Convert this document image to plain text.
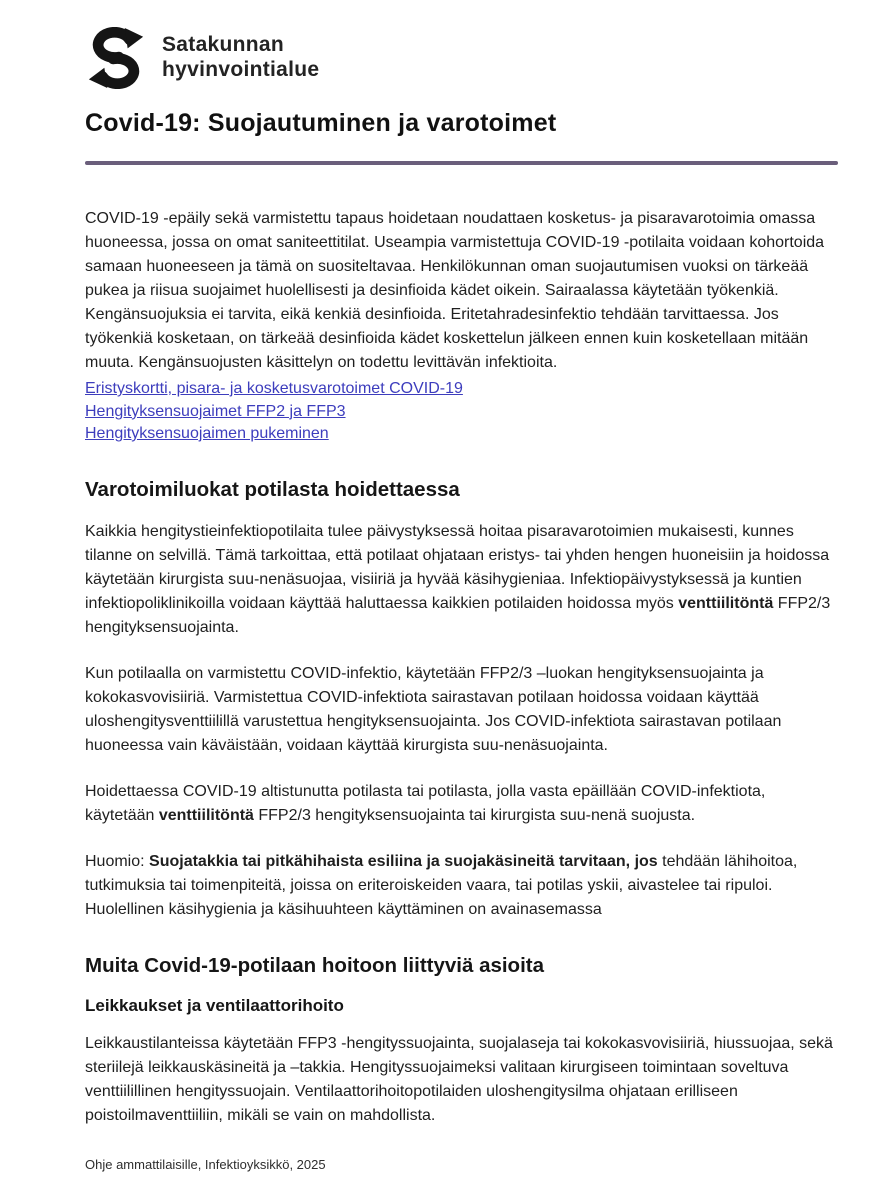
Satakunnan
hyvinvointialue
Covid-19: Suojautuminen ja varotoimet

COVID-19 -epäily sekä varmistettu tapaus hoidetaan noudattaen kosketus- ja pisaravarotoimia omassa huoneessa, jossa on omat saniteettitilat. Useampia varmistettuja COVID-19 -potilaita voidaan kohortoida samaan huoneeseen ja tämä on suositeltavaa. Henkilökunnan oman suojautumisen vuoksi on tärkeää pukea ja riisua suojaimet huolellisesti ja desinfioida kädet oikein. Sairaalassa käytetään työkenkiä. Kengänsuojuksia ei tarvita, eikä kenkiä desinfioida. Eritetahradesinfektio tehdään tarvittaessa. Jos työkenkiä kosketaan, on tärkeää desinfioida kädet koskettelun jälkeen ennen kuin kosketellaan mitään muuta. Kengänsuojusten käsittelyn on todettu levittävän infektioita.

Eristyskortti, pisara- ja kosketusvarotoimet COVID-19
Hengityksensuojaimet FFP2 ja FFP3
Hengityksensuojaimen pukeminen
Varotoimiluokat potilasta hoidettaessa

Kaikkia hengitystieinfektiopotilaita tulee päivystyksessä hoitaa pisaravarotoimien mukaisesti, kunnes tilanne on selvillä. Tämä tarkoittaa, että potilaat ohjataan eristys- tai yhden hengen huoneisiin ja hoidossa käytetään kirurgista suu-nenäsuojaa, visiiriä ja hyvää käsihygieniaa. Infektiopäivystyksessä ja kuntien infektiopoliklinikoilla voidaan käyttää haluttaessa kaikkien potilaiden hoidossa myös venttiilitöntä FFP2/3 hengityksensuojainta.

Kun potilaalla on varmistettu COVID-infektio, käytetään FFP2/3 –luokan hengityksensuojainta ja kokokasvovisiiriä. Varmistettua COVID-infektiota sairastavan potilaan hoidossa voidaan käyttää uloshengitysventtiilillä varustettua hengityksensuojainta. Jos COVID-infektiota sairastavan potilaan huoneessa vain käväistään, voidaan käyttää kirurgista suu-nenäsuojainta.

Hoidettaessa COVID-19 altistunutta potilasta tai potilasta, jolla vasta epäillään COVID-infektiota, käytetään venttiilitöntä FFP2/3 hengityksensuojainta tai kirurgista suu-nenä suojusta.

Huomio: Suojatakkia tai pitkähihaista esiliina ja suojakäsineitä tarvitaan, jos tehdään lähihoitoa, tutkimuksia tai toimenpiteitä, joissa on eriteroiskeiden vaara, tai potilas yskii, aivastelee tai ripuloi. Huolellinen käsihygienia ja käsihuuhteen käyttäminen on avainasemassa

Muita Covid-19-potilaan hoitoon liittyviä asioita
Leikkaukset ja ventilaattorihoito

Leikkaustilanteissa käytetään FFP3 -hengityssuojainta, suojalaseja tai kokokasvovisiiriä, hiussuojaa, sekä steriilejä leikkauskäsineitä ja –takkia. Hengityssuojaimeksi valitaan kirurgiseen toimintaan soveltuva venttiilillinen hengityssuojain. Ventilaattorihoitopotilaiden uloshengitysilma ohjataan erilliseen poistoilmaventtiiliin, mikäli se vain on mahdollista.

Ohje ammattilaisille, Infektioyksikkö, 2025
